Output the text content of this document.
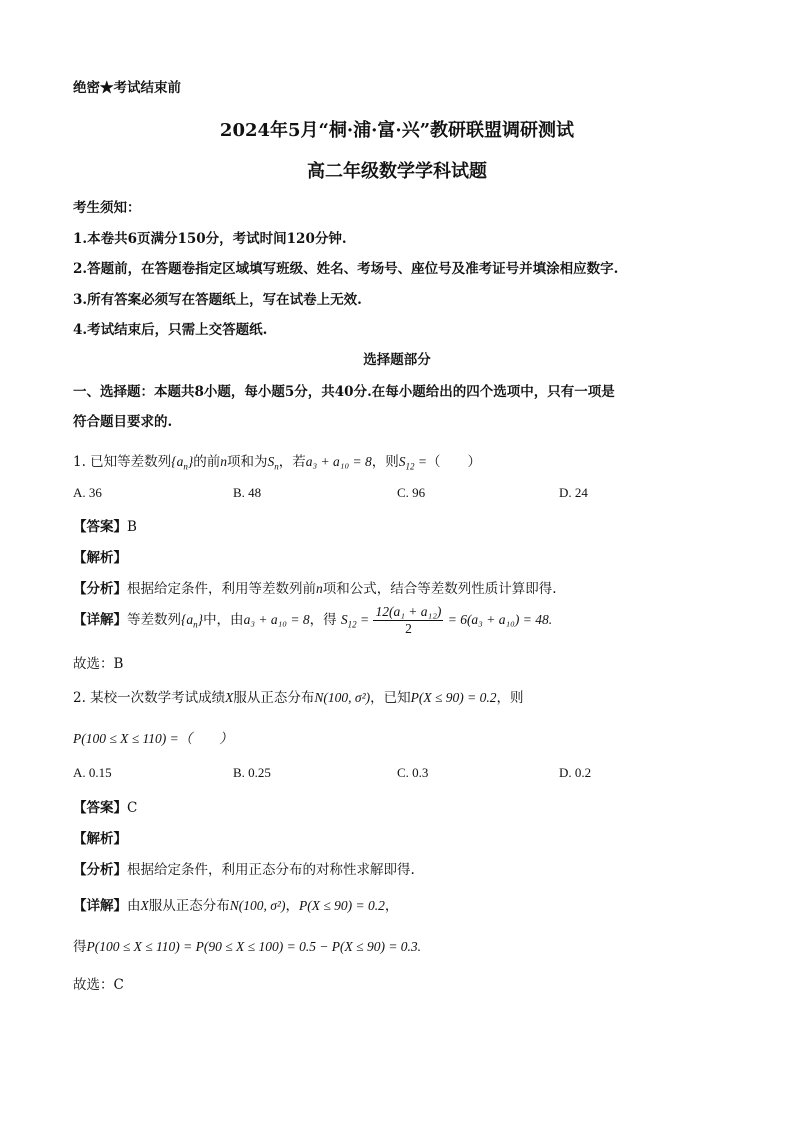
绝密★考试结束前
2024年5月“桐·浦·富·兴”教研联盟调研测试
高二年级数学学科试题
考生须知：
1.本卷共6页满分150分，考试时间120分钟.
2.答题前，在答题卷指定区域填写班级、姓名、考场号、座位号及准考证号并填涂相应数字.
3.所有答案必须写在答题纸上，写在试卷上无效.
4.考试结束后，只需上交答题纸.
选择题部分
一、选择题：本题共8小题，每小题5分，共40分.在每小题给出的四个选项中，只有一项是
符合题目要求的.
1. 已知等差数列$\{a_n\}$的前n项和为$S_n$，若a₃ + a₁₀ = 8，则$S_{12}$ =（　　）
A. 36	B. 48	C. 96	D. 24
【答案】B
【解析】
【分析】根据给定条件，利用等差数列前n项和公式，结合等差数列性质计算即得.
【详解】等差数列$\{a_n\}$中，由a₃ + a₁₀ = 8，得 $S_{12} = \frac{\text{12(a₁ + a₁₂)}}{2} = 6(a_3 + a_{10}) = 48$.
故选：B
2. 某校一次数学考试成绩X服从正态分布N(100, σ²)，已知P(X ≤ 90) = 0.2，则
P(100 ≤ X ≤ 110) =（　　）
A. 0.15	B. 0.25	C. 0.3	D. 0.2
【答案】C
【解析】
【分析】根据给定条件，利用正态分布的对称性求解即得.
【详解】由X服从正态分布N(100, σ²)，P(X ≤ 90) = 0.2，
得P(100 ≤ X ≤ 110) = P(90 ≤ X ≤ 100) = 0.5 − P(X ≤ 90) = 0.3.
故选：C
